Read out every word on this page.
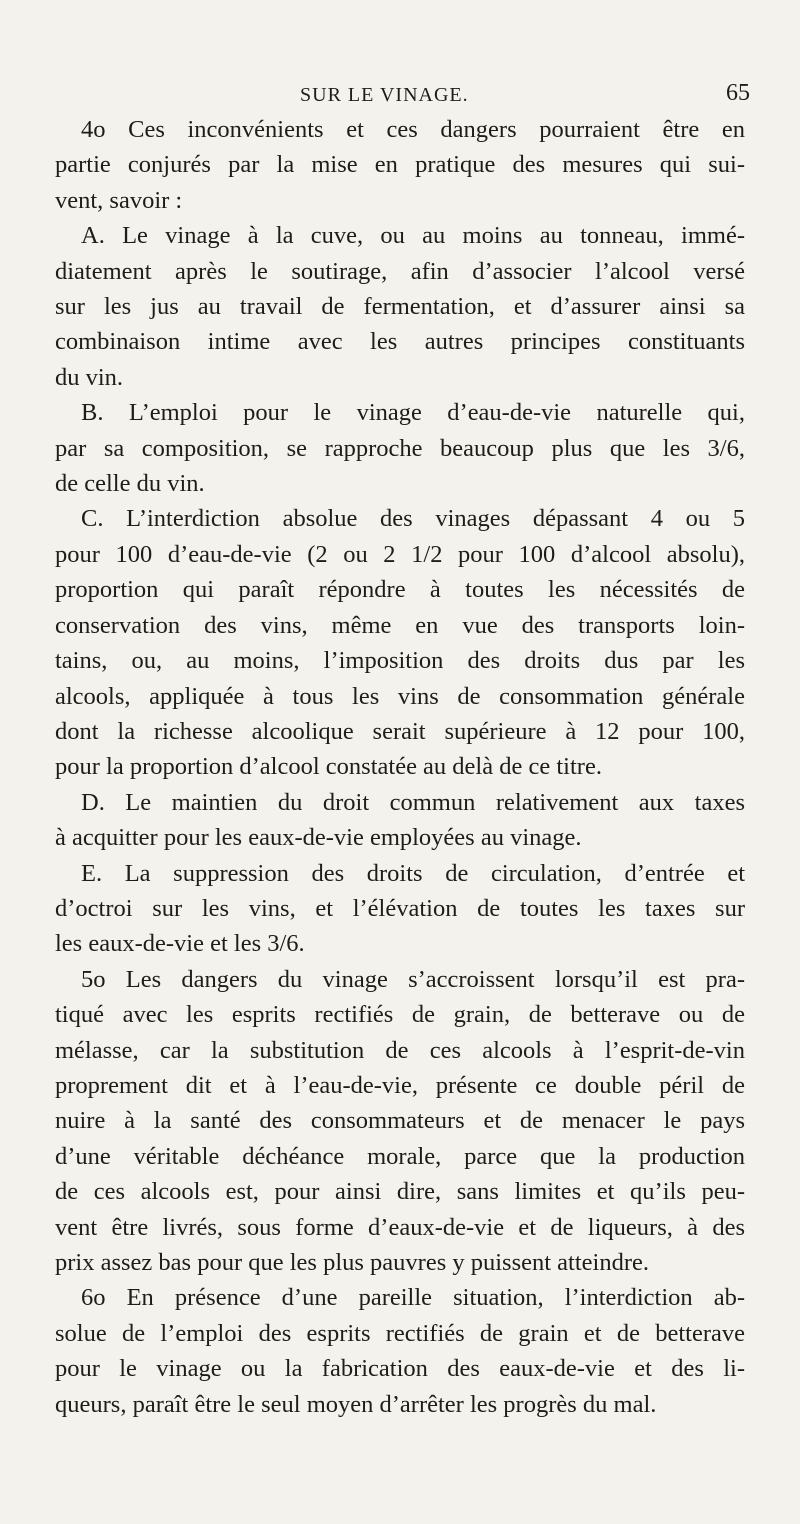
SUR LE VINAGE.	65

4o Ces inconvénients et ces dangers pourraient être en
partie conjurés par la mise en pratique des mesures qui sui-
vent, savoir :

A. Le vinage à la cuve, ou au moins au tonneau, immé-
diatement après le soutirage, afin d’associer l’alcool versé
sur les jus au travail de fermentation, et d’assurer ainsi sa
combinaison intime avec les autres principes constituants
du vin.

B. L’emploi pour le vinage d’eau-de-vie naturelle qui,
par sa composition, se rapproche beaucoup plus que les 3/6,
de celle du vin.

C. L’interdiction absolue des vinages dépassant 4 ou 5
pour 100 d’eau-de-vie (2 ou 2 1/2 pour 100 d’alcool absolu),
proportion qui paraît répondre à toutes les nécessités de
conservation des vins, même en vue des transports loin-
tains, ou, au moins, l’imposition des droits dus par les
alcools, appliquée à tous les vins de consommation générale
dont la richesse alcoolique serait supérieure à 12 pour 100,
pour la proportion d’alcool constatée au delà de ce titre.

D. Le maintien du droit commun relativement aux taxes
à acquitter pour les eaux-de-vie employées au vinage.

E. La suppression des droits de circulation, d’entrée et
d’octroi sur les vins, et l’élévation de toutes les taxes sur
les eaux-de-vie et les 3/6.

5o Les dangers du vinage s’accroissent lorsqu’il est pra-
tiqué avec les esprits rectifiés de grain, de betterave ou de
mélasse, car la substitution de ces alcools à l’esprit-de-vin
proprement dit et à l’eau-de-vie, présente ce double péril de
nuire à la santé des consommateurs et de menacer le pays
d’une véritable déchéance morale, parce que la production
de ces alcools est, pour ainsi dire, sans limites et qu’ils peu-
vent être livrés, sous forme d’eaux-de-vie et de liqueurs, à des
prix assez bas pour que les plus pauvres y puissent atteindre.

6o En présence d’une pareille situation, l’interdiction ab-
solue de l’emploi des esprits rectifiés de grain et de betterave
pour le vinage ou la fabrication des eaux-de-vie et des li-
queurs, paraît être le seul moyen d’arrêter les progrès du mal.
